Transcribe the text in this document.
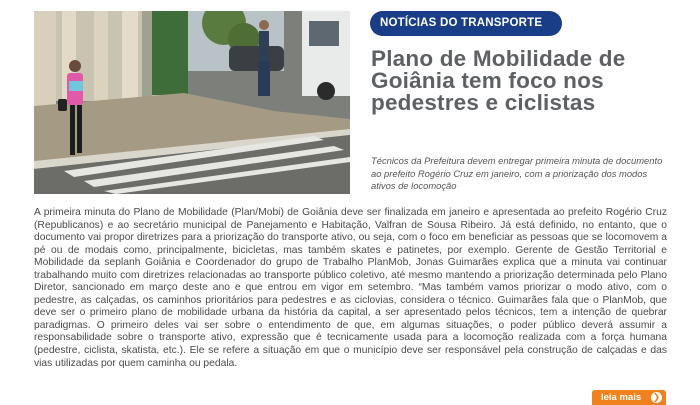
NOTÍCIAS DO TRANSPORTE
Plano de Mobilidade de Goiânia tem foco nos pedestres e ciclistas

Técnicos da Prefeitura devem entregar primeira minuta de documento ao prefeito Rogério Cruz em janeiro, com a priorização dos modos ativos de locomoção

A primeira minuta do Plano de Mobilidade (Plan/Mobi) de Goiânia deve ser finalizada em janeiro e apresentada ao prefeito Rogério Cruz (Republicanos) e ao secretário municipal de Panejamento e Habitação, Valfran de Sousa Ribeiro. Já está definido, no entanto, que o documento vai propor diretrizes para a priorização do transporte ativo, ou seja, com o foco em beneficiar as pessoas que se locomovem a pé ou de modais como, principalmente, bicicletas, mas também skates e patinetes, por exemplo. Gerente de Gestão Territorial e Mobilidade da seplanh Goiânia e Coordenador do grupo de Trabalho PlanMob, Jonas Guimarães explica que a minuta vai continuar trabalhando muito com diretrizes relacionadas ao transporte público coletivo, até mesmo mantendo a priorização determinada pelo Plano Diretor, sancionado em março deste ano e que entrou em vigor em setembro. “Mas também vamos priorizar o modo ativo, com o pedestre, as calçadas, os caminhos prioritários para pedestres e as ciclovias, considera o técnico. Guimarães fala que o PlanMob, que deve ser o primeiro plano de mobilidade urbana da história da capital, a ser apresentado pelos técnicos, tem a intenção de quebrar paradigmas. O primeiro deles vai ser sobre o entendimento de que, em algumas situações, o poder público deverá assumir a responsabilidade sobre o transporte ativo, expressão que é tecnicamente usada para a locomoção realizada com a força humana (pedestre, ciclista, skatista, etc.). Ele se refere a situação em que o município deve ser responsável pela construção de calçadas e das vias utilizadas por quem caminha ou pedala.

leia mais ❯
